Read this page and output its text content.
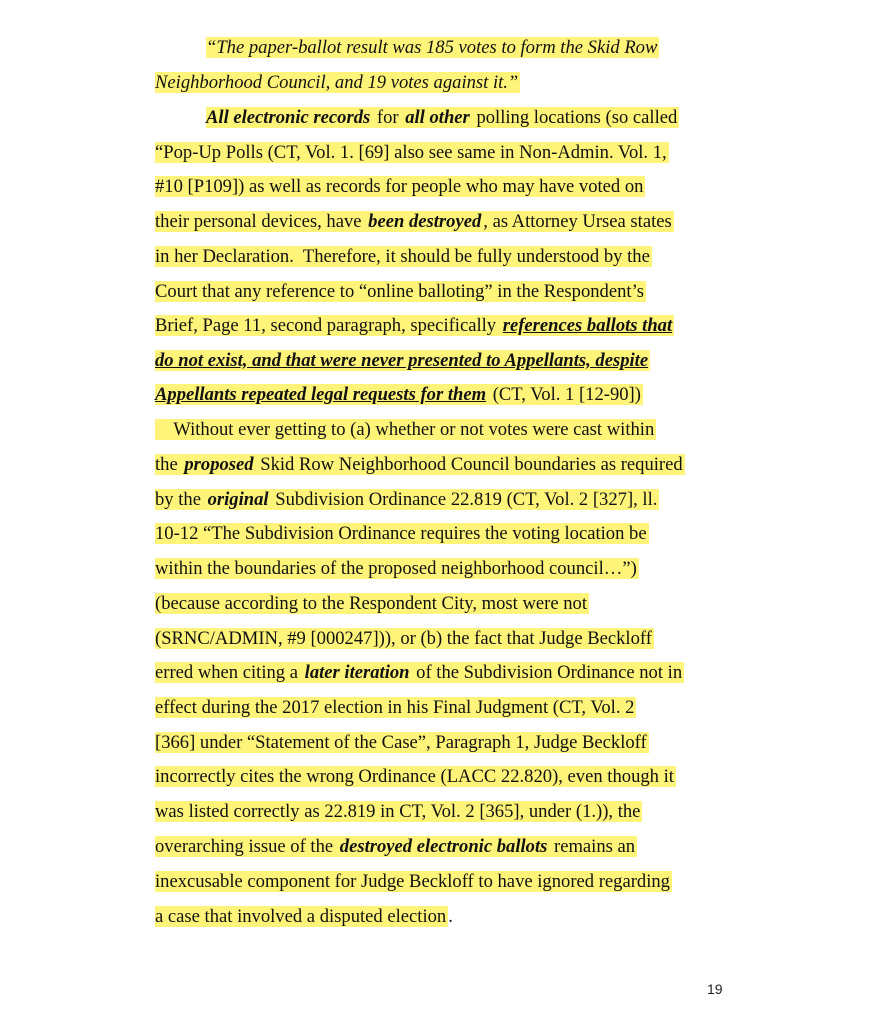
“The paper-ballot result was 185 votes to form the Skid Row
Neighborhood Council, and 19 votes against it.”
All electronic records for all other polling locations (so called
“Pop-Up Polls (CT, Vol. 1. [69] also see same in Non-Admin. Vol. 1,
#10 [P109]) as well as records for people who may have voted on
their personal devices, have been destroyed , as Attorney Ursea states
in her Declaration.  Therefore, it should be fully understood by the
Court that any reference to “online balloting” in the Respondent’s
Brief, Page 11, second paragraph, specifically references ballots that
do not exist, and that were never presented to Appellants, despite
Appellants repeated legal requests for them (CT, Vol. 1 [12-90])
Without ever getting to (a) whether or not votes were cast within
the proposed Skid Row Neighborhood Council boundaries as required
by the original Subdivision Ordinance 22.819 (CT, Vol. 2 [327], ll.
10-12 “The Subdivision Ordinance requires the voting location be
within the boundaries of the proposed neighborhood council…”)
(because according to the Respondent City, most were not
(SRNC/ADMIN, #9 [000247])), or (b) the fact that Judge Beckloff
erred when citing a later iteration of the Subdivision Ordinance not in
effect during the 2017 election in his Final Judgment (CT, Vol. 2
[366] under “Statement of the Case”, Paragraph 1, Judge Beckloff
incorrectly cites the wrong Ordinance (LACC 22.820), even though it
was listed correctly as 22.819 in CT, Vol. 2 [365], under (1.)), the
overarching issue of the destroyed electronic ballots remains an
inexcusable component for Judge Beckloff to have ignored regarding
a case that involved a disputed election .
19
